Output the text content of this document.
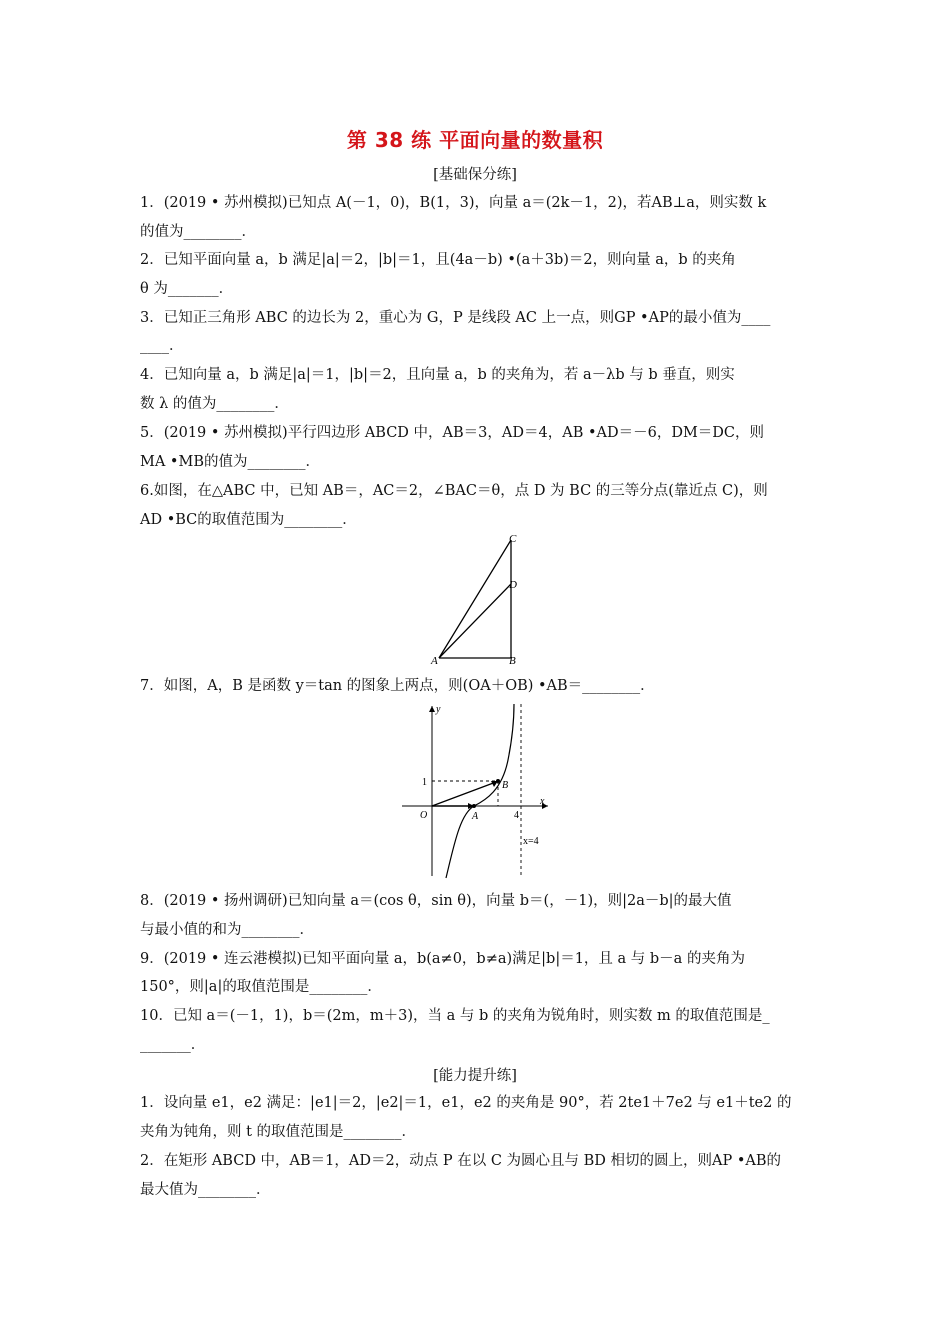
第 38 练 平面向量的数量积
[基础保分练]
1．(2019 • 苏州模拟)已知点 A(－1，0)，B(1，3)，向量 a＝(2k－1，2)，若AB⊥a，则实数 k
的值为________．
2．已知平面向量 a，b 满足|a|＝2，|b|＝1，且(4a－b) •(a＋3b)＝2，则向量 a，b 的夹角
θ 为_______．
3．已知正三角形 ABC 的边长为 2，重心为 G，P 是线段 AC 上一点，则GP •AP的最小值为____
____．
4．已知向量 a，b 满足|a|＝1，|b|＝2，且向量 a，b 的夹角为，若 a－λb 与 b 垂直，则实
数 λ 的值为________．
5．(2019 • 苏州模拟)平行四边形 ABCD 中，AB＝3，AD＝4，AB •AD＝－6，DM＝DC，则
MA •MB的值为________．
6.如图，在△ABC 中，已知 AB＝，AC＝2，∠BAC＝θ，点 D 为 BC 的三等分点(靠近点 C)，则
AD •BC的取值范围为________．
A	B
C
D
7．如图，A，B 是函数 y＝tan 的图象上两点，则(OA＋OB) •AB＝________．
y
x
O	A
B
1
4
x=4
8．(2019 • 扬州调研)已知向量 a＝(cos θ，sin θ)，向量 b＝(，－1)，则|2a－b|的最大值
与最小值的和为________．
9．(2019 • 连云港模拟)已知平面向量 a，b(a≠0，b≠a)满足|b|＝1，且 a 与 b－a 的夹角为
150°，则|a|的取值范围是________．
10．已知 a＝(－1，1)，b＝(2m，m＋3)，当 a 与 b 的夹角为锐角时，则实数 m 的取值范围是_
_______．
[能力提升练]
1．设向量 e1，e2 满足：|e1|＝2，|e2|＝1，e1，e2 的夹角是 90°，若 2te1＋7e2 与 e1＋te2 的
夹角为钝角，则 t 的取值范围是________．
2．在矩形 ABCD 中，AB＝1，AD＝2，动点 P 在以 C 为圆心且与 BD 相切的圆上，则AP •AB的
最大值为________．
